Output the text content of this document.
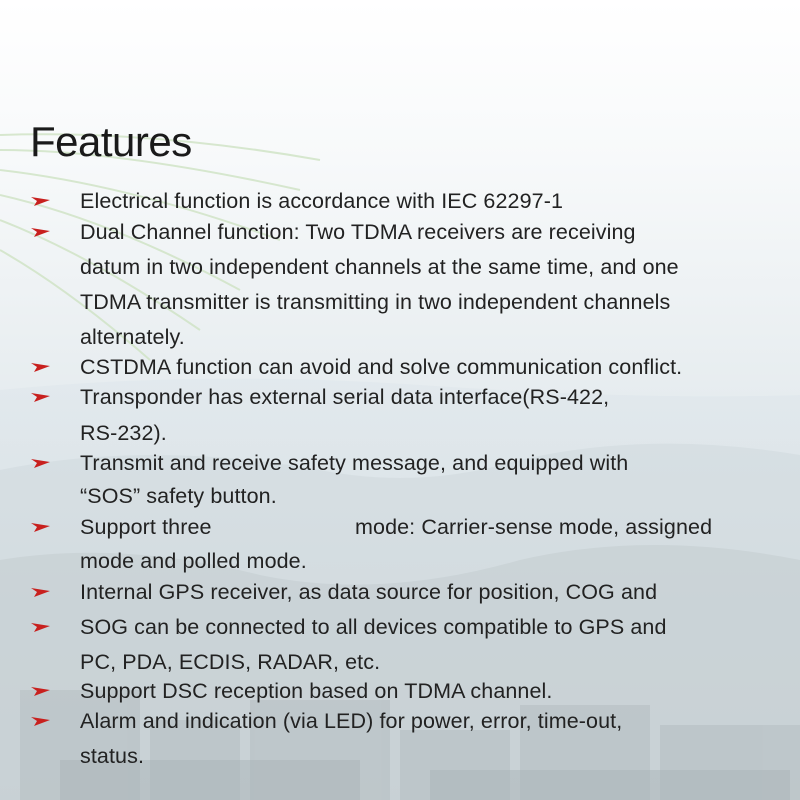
Features
Electrical function is accordance with IEC 62297-1
Dual Channel function: Two TDMA receivers are receiving
datum in two independent channels at the same time, and one
TDMA transmitter is transmitting in two independent channels
alternately.
CSTDMA function can avoid and solve communication conflict.
Transponder has external serial data interface(RS-422,
RS-232).
Transmit and receive safety message, and equipped with
“SOS” safety button.
Support three	mode: Carrier-sense mode, assigned
mode and polled mode.
Internal GPS receiver, as data source for position, COG and
SOG can be connected to all devices compatible to GPS and
PC, PDA, ECDIS, RADAR, etc.
Support DSC reception based on TDMA channel.
Alarm and indication (via LED) for power, error, time-out,
status.
